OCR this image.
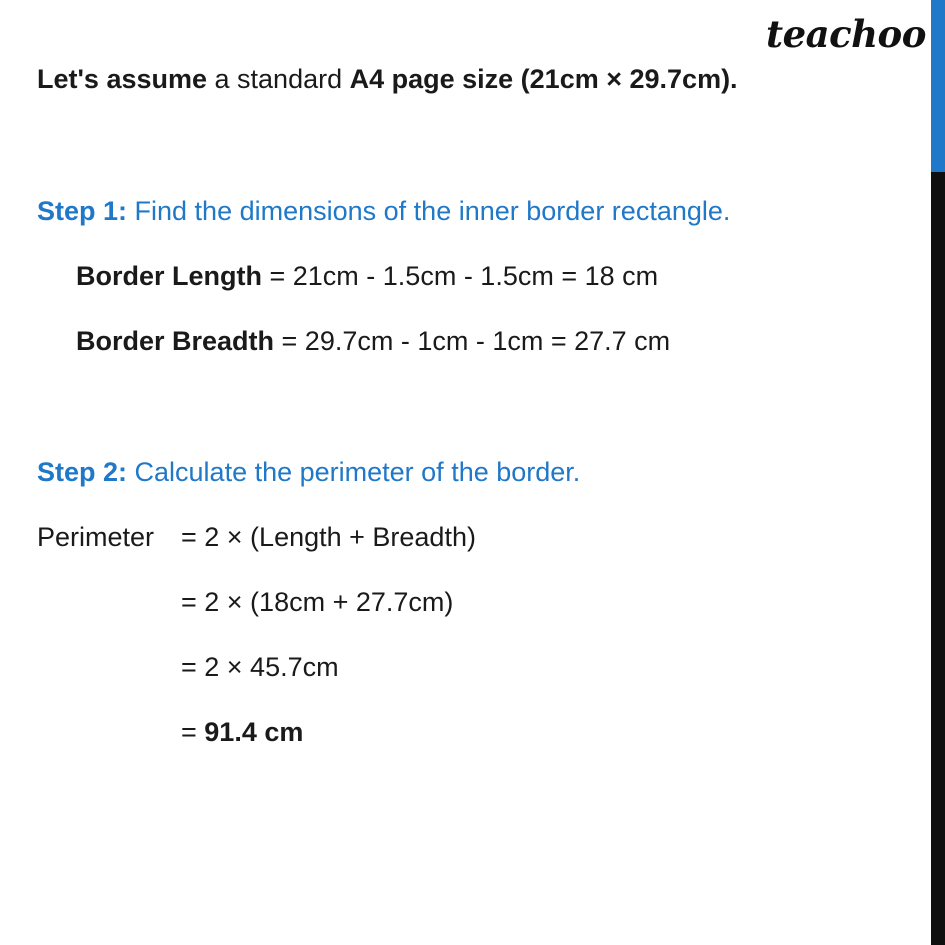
teachoo
Let's assume a standard A4 page size (21cm × 29.7cm).
Step 1: Find the dimensions of the inner border rectangle.
Border Length = 21cm - 1.5cm - 1.5cm = 18 cm
Border Breadth = 29.7cm - 1cm - 1cm = 27.7 cm
Step 2: Calculate the perimeter of the border.
Perimeter = 2 × (Length + Breadth)
= 2 × (18cm + 27.7cm)
= 2 × 45.7cm
= 91.4 cm
